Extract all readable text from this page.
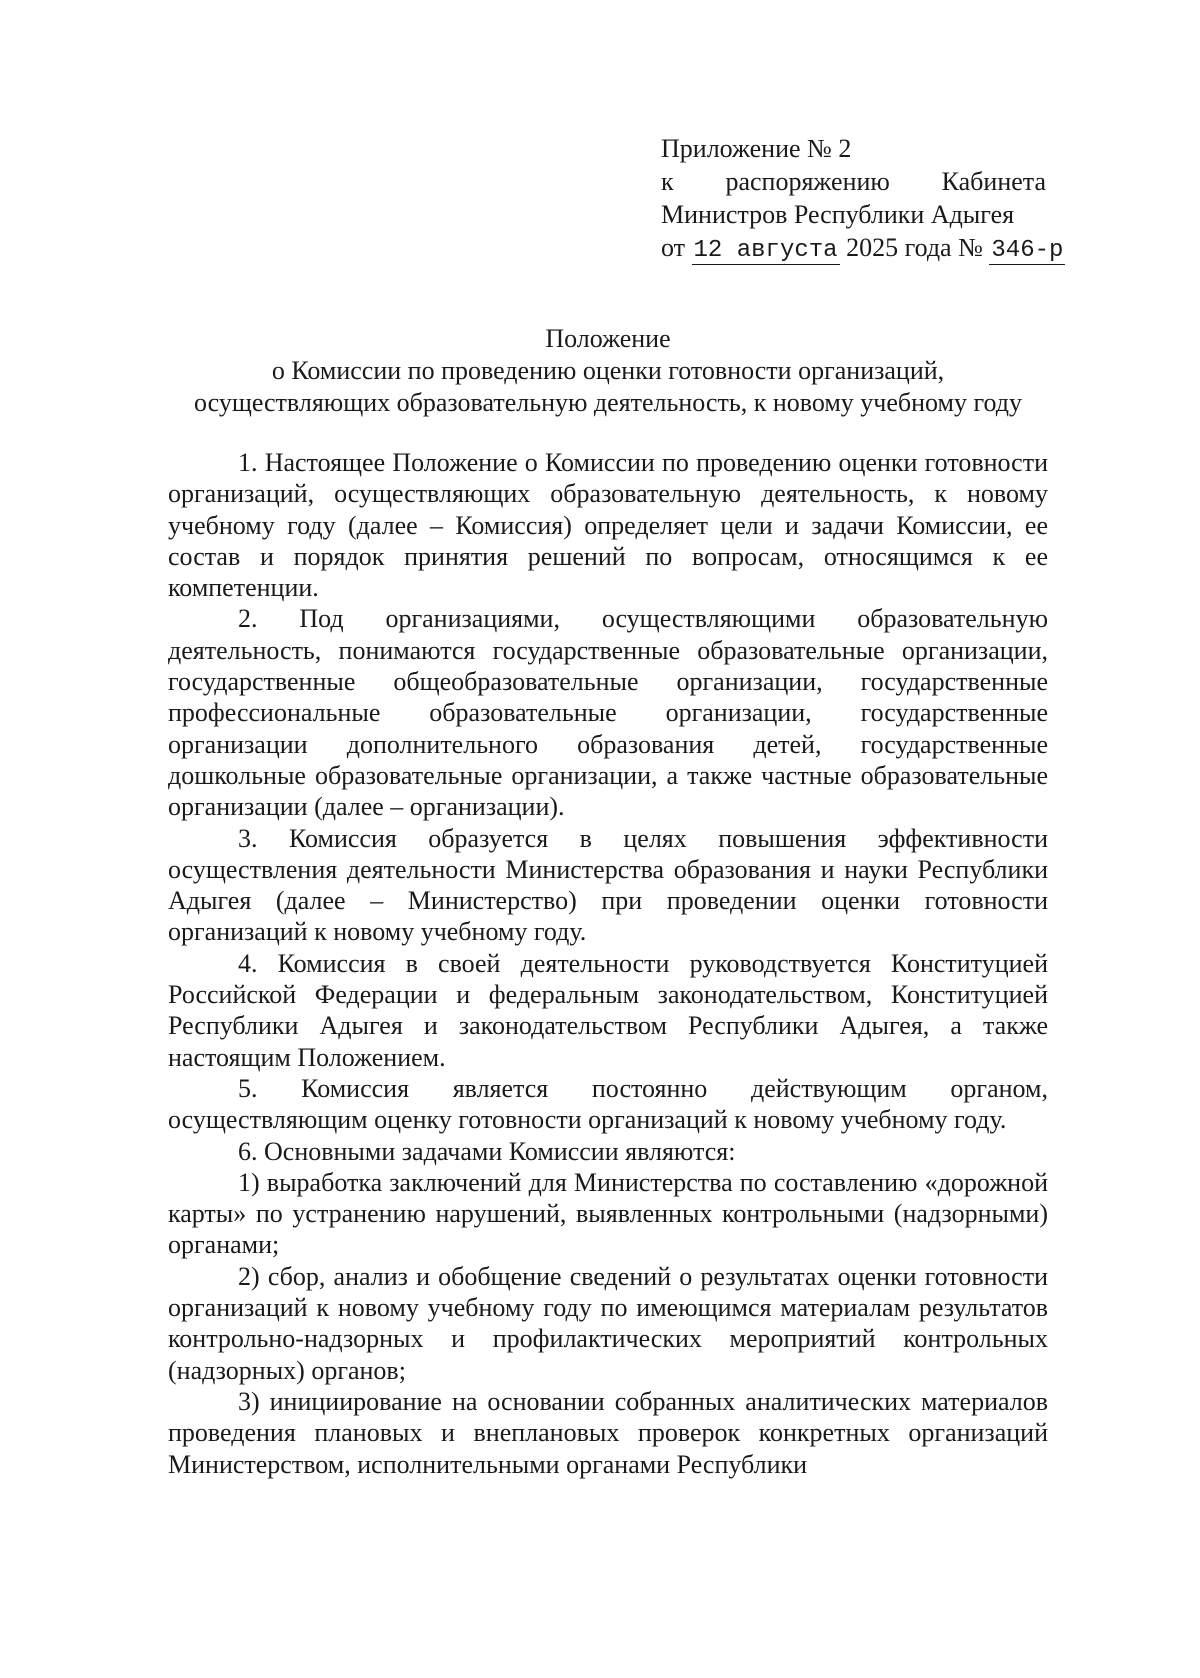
Приложение № 2
к распоряжению Кабинета
Министров Республики Адыгея
от 12 августа 2025 года № 346-р
Положение
о Комиссии по проведению оценки готовности организаций,
осуществляющих образовательную деятельность, к новому учебному году

1. Настоящее Положение о Комиссии по проведению оценки готовности организаций, осуществляющих образовательную деятельность, к новому учебному году (далее – Комиссия) определяет цели и задачи Комиссии, ее состав и порядок принятия решений по вопросам, относящимся к ее компетенции.

2. Под организациями, осуществляющими образовательную деятельность, понимаются государственные образовательные организации, государственные общеобразовательные организации, государственные профессиональные образовательные организации, государственные организации дополнительного образования детей, государственные дошкольные образовательные организации, а также частные образовательные организации (далее – организации).

3. Комиссия образуется в целях повышения эффективности осуществления деятельности Министерства образования и науки Республики Адыгея (далее – Министерство) при проведении оценки готовности организаций к новому учебному году.

4. Комиссия в своей деятельности руководствуется Конституцией Российской Федерации и федеральным законодательством, Конституцией Республики Адыгея и законодательством Республики Адыгея, а также настоящим Положением.

5. Комиссия является постоянно действующим органом, осуществляющим оценку готовности организаций к новому учебному году.

6. Основными задачами Комиссии являются:

1) выработка заключений для Министерства по составлению «дорожной карты» по устранению нарушений, выявленных контрольными (надзорными) органами;

2) сбор, анализ и обобщение сведений о результатах оценки готовности организаций к новому учебному году по имеющимся материалам результатов контрольно-надзорных и профилактических мероприятий контрольных (надзорных) органов;

3) инициирование на основании собранных аналитических материалов проведения плановых и внеплановых проверок конкретных организаций Министерством, исполнительными органами Республики
